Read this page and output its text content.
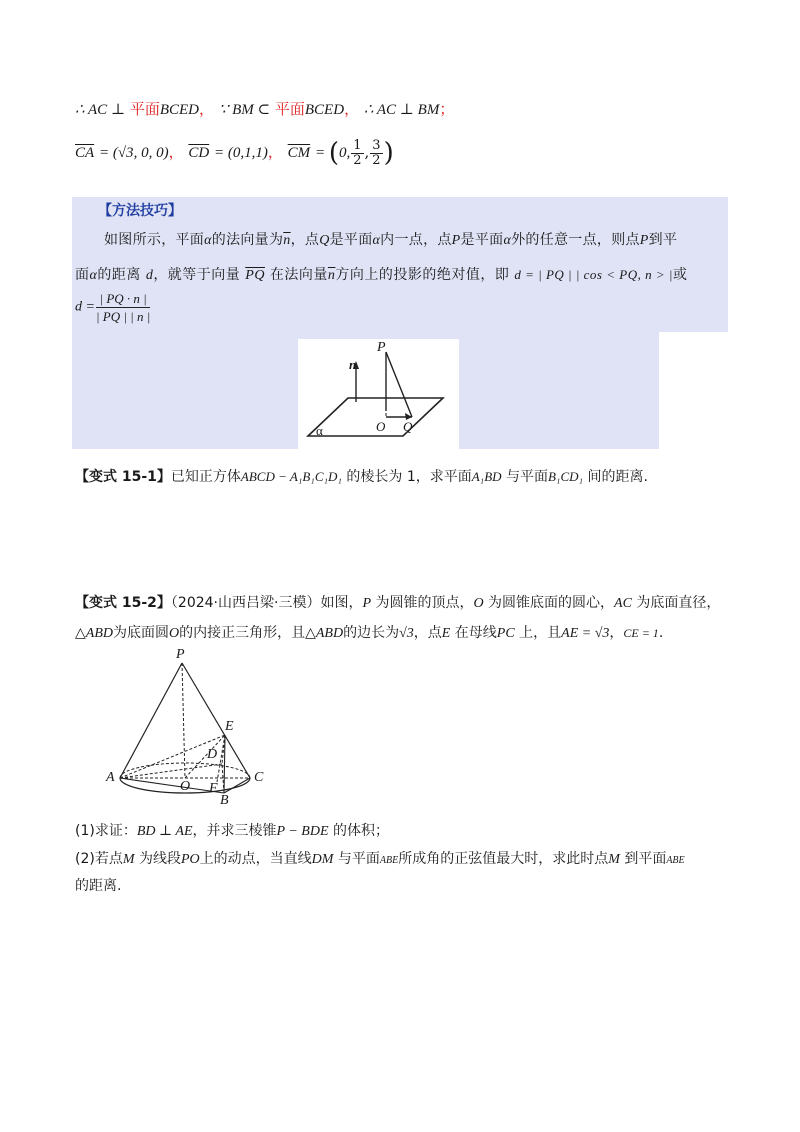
∴ AC ⊥ 平面BCED， ∵ BM ⊂ 平面BCED， ∴ AC ⊥ BM；
$\overline{CA} = (√3$, 0, 0)， $\overline{CD} = (0,1,1)$， $\overline{CM} = (0$, $\frac{1}{2}$ , $\frac{3}{2}$ )
【方法技巧】
如图所示，平面α的法向量为$\overline{n}$，点Q是平面α内一点，点P是平面α外的任意一点，则点P到平
面α的距离 d，就等于向量 $\overline{PQ}$ 在法向量$\overline{n}$方向上的投影的绝对值，即 d = | PQ | | cos < PQ, n > |或
$d = \frac{| PQ \cdot n |}{| PQ | | n |}$
P
n
O Q
α
【变式 15-1】已知正方体ABCD − A₁B₁C₁D₁ 的棱长为 1，求平面A₁BD 与平面B₁CD₁ 间的距离.
【变式 15-2】（2024·山西吕梁·三模）如图，P 为圆锥的顶点，O 为圆锥底面的圆心，AC 为底面直径，
△ABD为底面圆O的内接正三角形，且△ABD的边长为√3，点E 在母线PC 上，且AE = √3，CE = 1.
P
E
D
A	C
O F
B
(1)求证：BD ⊥ AE，并求三棱锥P − BDE 的体积；
(2)若点M 为线段PO上的动点，当直线DM 与平面ABE所成角的正弦值最大时，求此时点M 到平面ABE
的距离.
